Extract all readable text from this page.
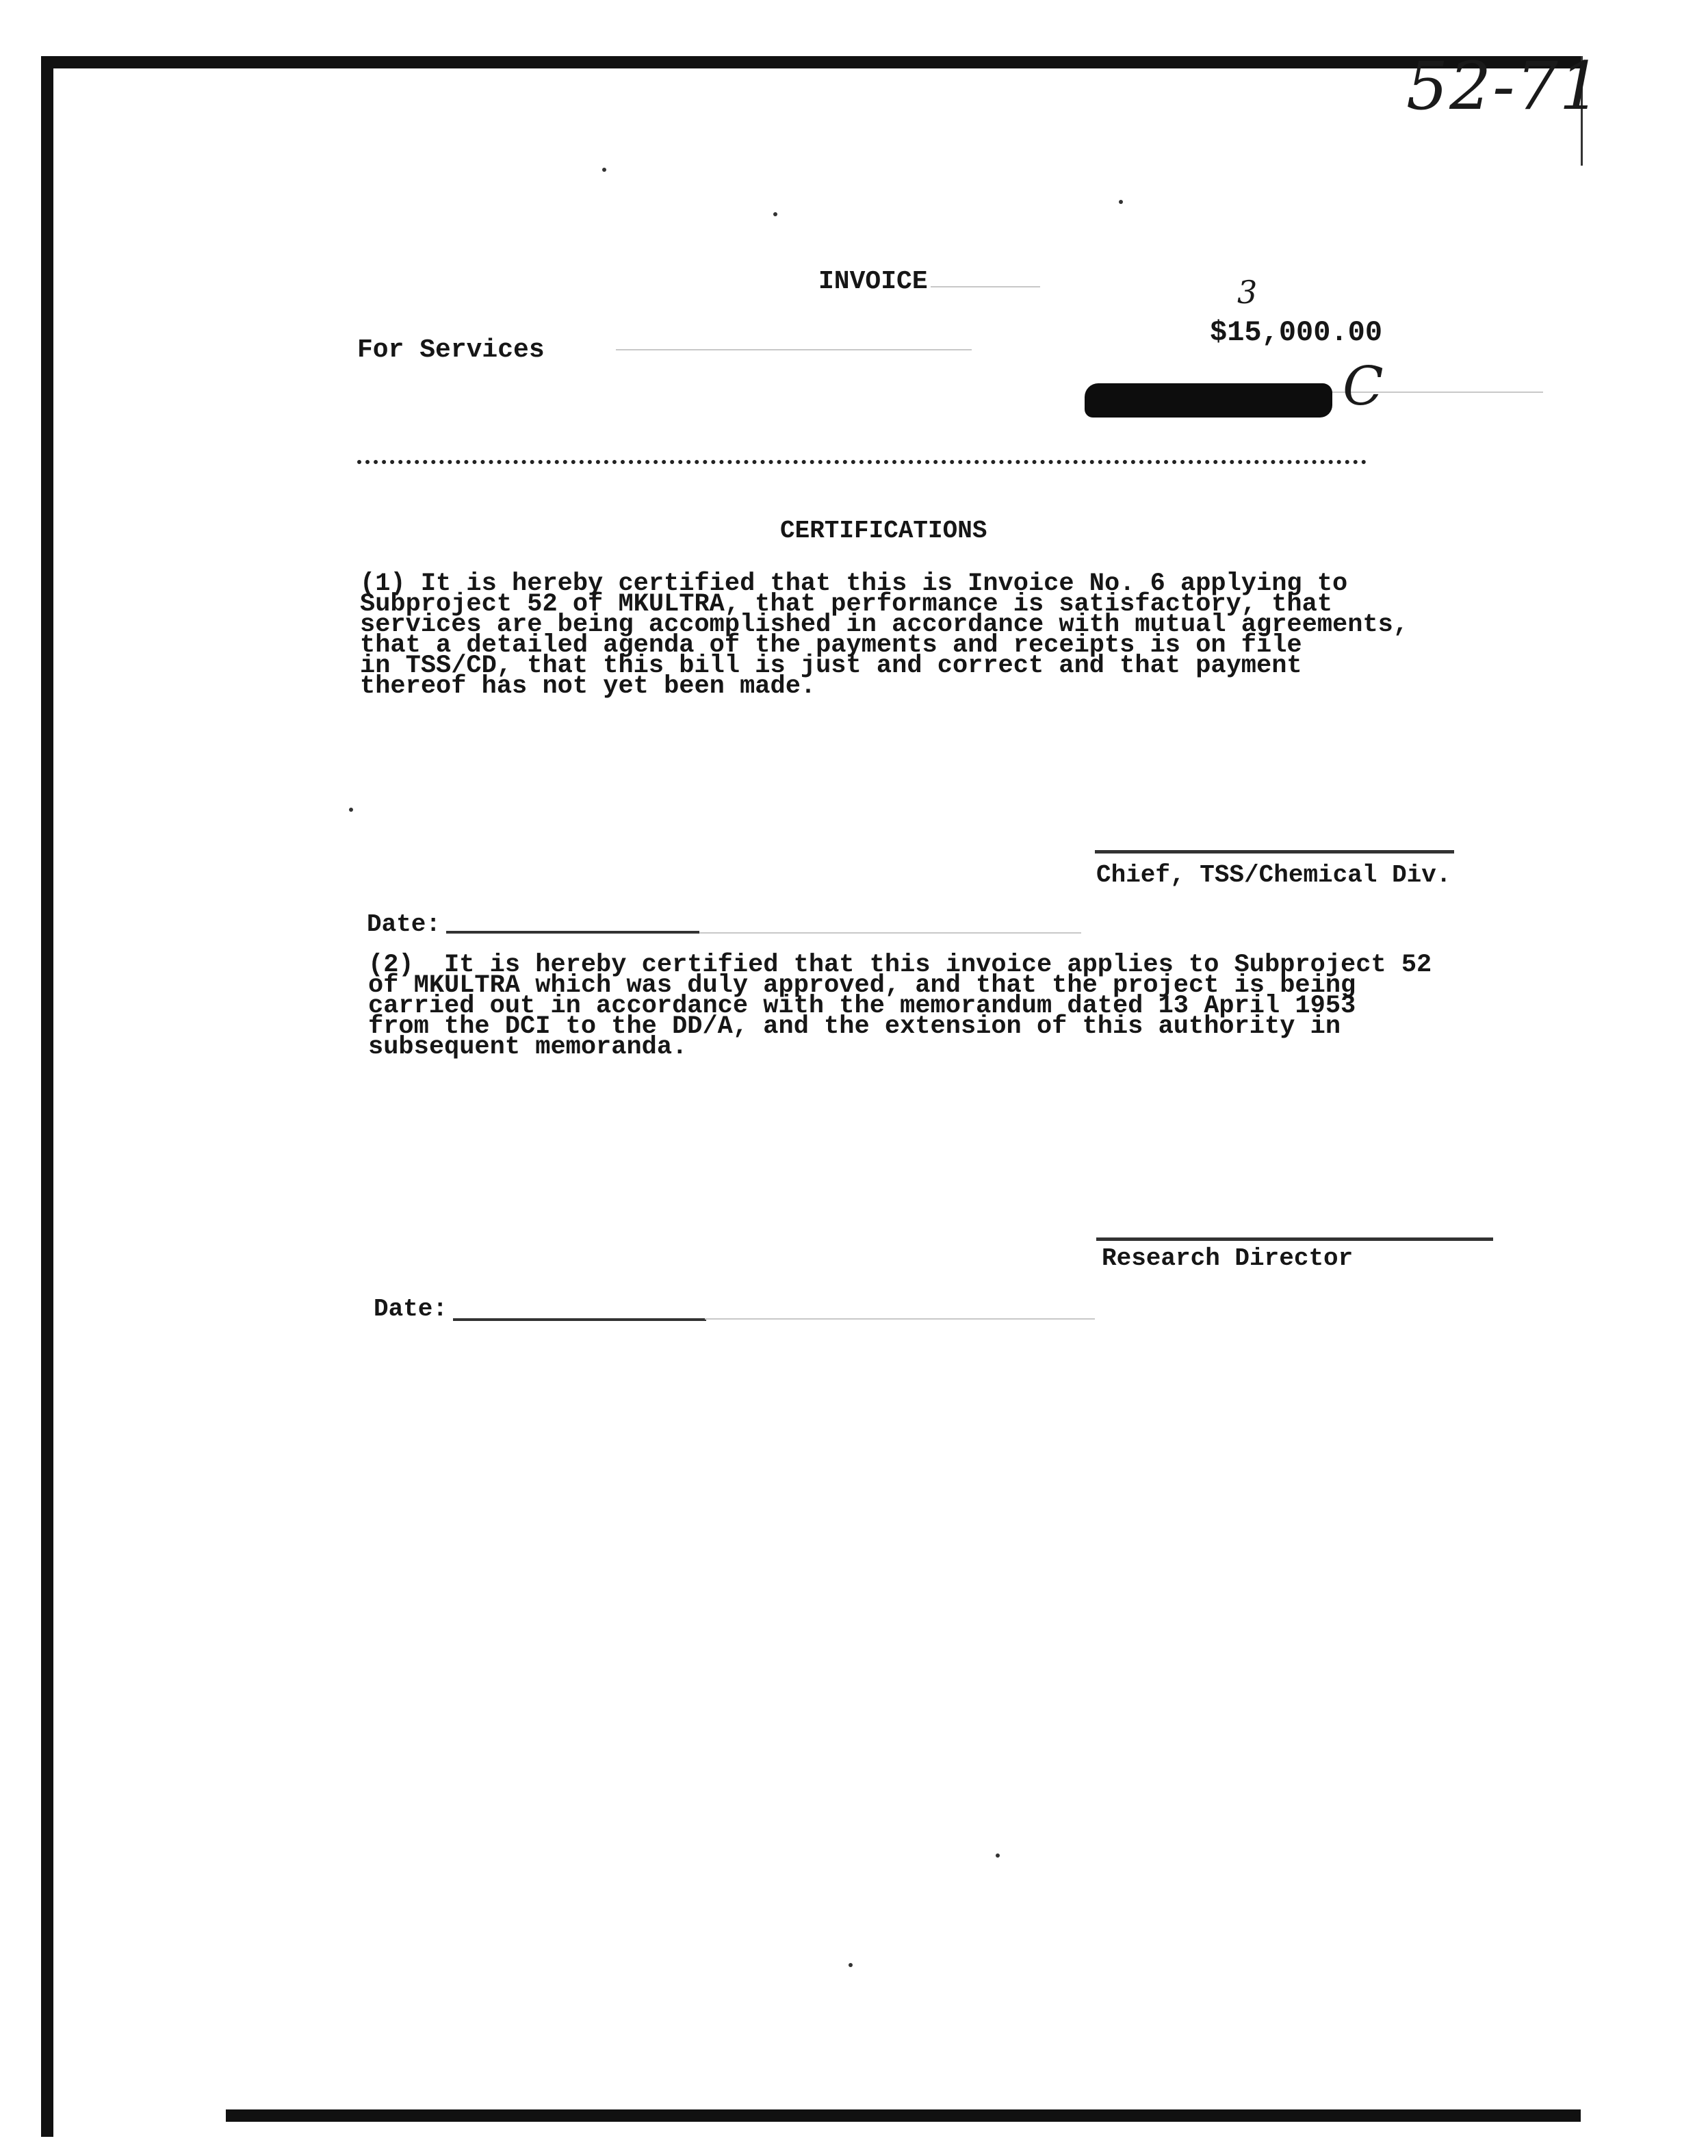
52-71
3
C
INVOICE
For Services
$15,000.00
CERTIFICATIONS
(1) It is hereby certified that this is Invoice No. 6 applying to
Subproject 52 of MKULTRA, that performance is satisfactory, that
services are being accomplished in accordance with mutual agreements,
that a detailed agenda of the payments and receipts is on file
in TSS/CD, that this bill is just and correct and that payment
thereof has not yet been made.
Chief, TSS/Chemical Div.
Date:
(2)  It is hereby certified that this invoice applies to Subproject 52
of MKULTRA which was duly approved, and that the project is being
carried out in accordance with the memorandum dated 13 April 1953
from the DCI to the DD/A, and the extension of this authority in
subsequent memoranda.
Research Director
Date:
